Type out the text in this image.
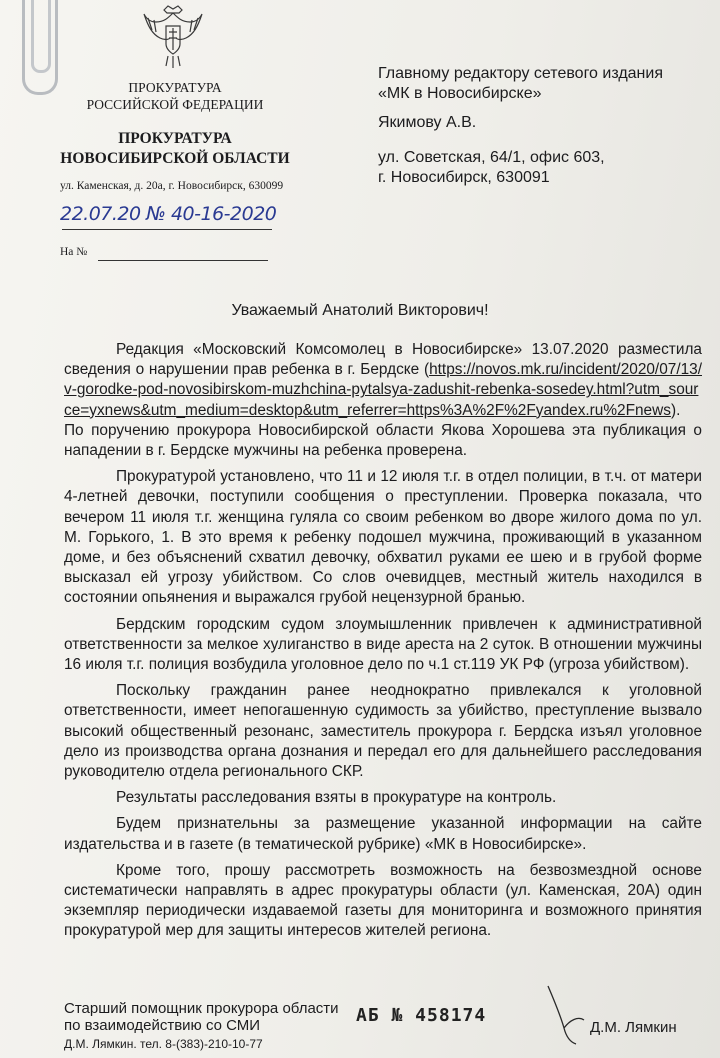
ПРОКУРАТУРА
РОССИЙСКОЙ ФЕДЕРАЦИИ
ПРОКУРАТУРА
НОВОСИБИРСКОЙ ОБЛАСТИ
ул. Каменская, д. 20а, г. Новосибирск, 630099
22.07.20 № 40-16-2020
На №
Главному редактору сетевого издания
«МК в Новосибирске»
Якимову А.В.
ул. Советская, 64/1, офис 603,
г. Новосибирск, 630091
Уважаемый Анатолий Викторович!

Редакция «Московский Комсомолец в Новосибирске» 13.07.2020 разместила сведения о нарушении прав ребенка в г. Бердске (https://novos.mk.ru/incident/2020/07/13/v-gorodke-pod-novosibirskom-muzhchina-pytalsya-zadushit-rebenka-sosedey.html?utm_source=yxnews&utm_medium=desktop&utm_referrer=https%3A%2F%2Fyandex.ru%2Fnews). По поручению прокурора Новосибирской области Якова Хорошева эта публикация о нападении в г. Бердске мужчины на ребенка проверена.

Прокуратурой установлено, что 11 и 12 июля т.г. в отдел полиции, в т.ч. от матери 4-летней девочки, поступили сообщения о преступлении. Проверка показала, что вечером 11 июля т.г. женщина гуляла со своим ребенком во дворе жилого дома по ул. М. Горького, 1. В это время к ребенку подошел мужчина, проживающий в указанном доме, и без объяснений схватил девочку, обхватил руками ее шею и в грубой форме высказал ей угрозу убийством. Со слов очевидцев, местный житель находился в состоянии опьянения и выражался грубой нецензурной бранью.

Бердским городским судом злоумышленник привлечен к административной ответственности за мелкое хулиганство в виде ареста на 2 суток. В отношении мужчины 16 июля т.г. полиция возбудила уголовное дело по ч.1 ст.119 УК РФ (угроза убийством).

Поскольку гражданин ранее неоднократно привлекался к уголовной ответственности, имеет непогашенную судимость за убийство, преступление вызвало высокий общественный резонанс, заместитель прокурора г. Бердска изъял уголовное дело из производства органа дознания и передал его для дальнейшего расследования руководителю отдела регионального СКР.

Результаты расследования взяты в прокуратуре на контроль.

Будем признательны за размещение указанной информации на сайте издательства и в газете (в тематической рубрике) «МК в Новосибирске».

Кроме того, прошу рассмотреть возможность на безвозмездной основе систематически направлять в адрес прокуратуры области (ул. Каменская, 20А) один экземпляр периодически издаваемой газеты для мониторинга и возможного принятия прокуратурой мер для защиты интересов жителей региона.

Старший помощник прокурора области
по взаимодействию со СМИ
Д.М. Лямкин. тел. 8-(383)-210-10-77
АБ № 458174
Д.М. Лямкин
